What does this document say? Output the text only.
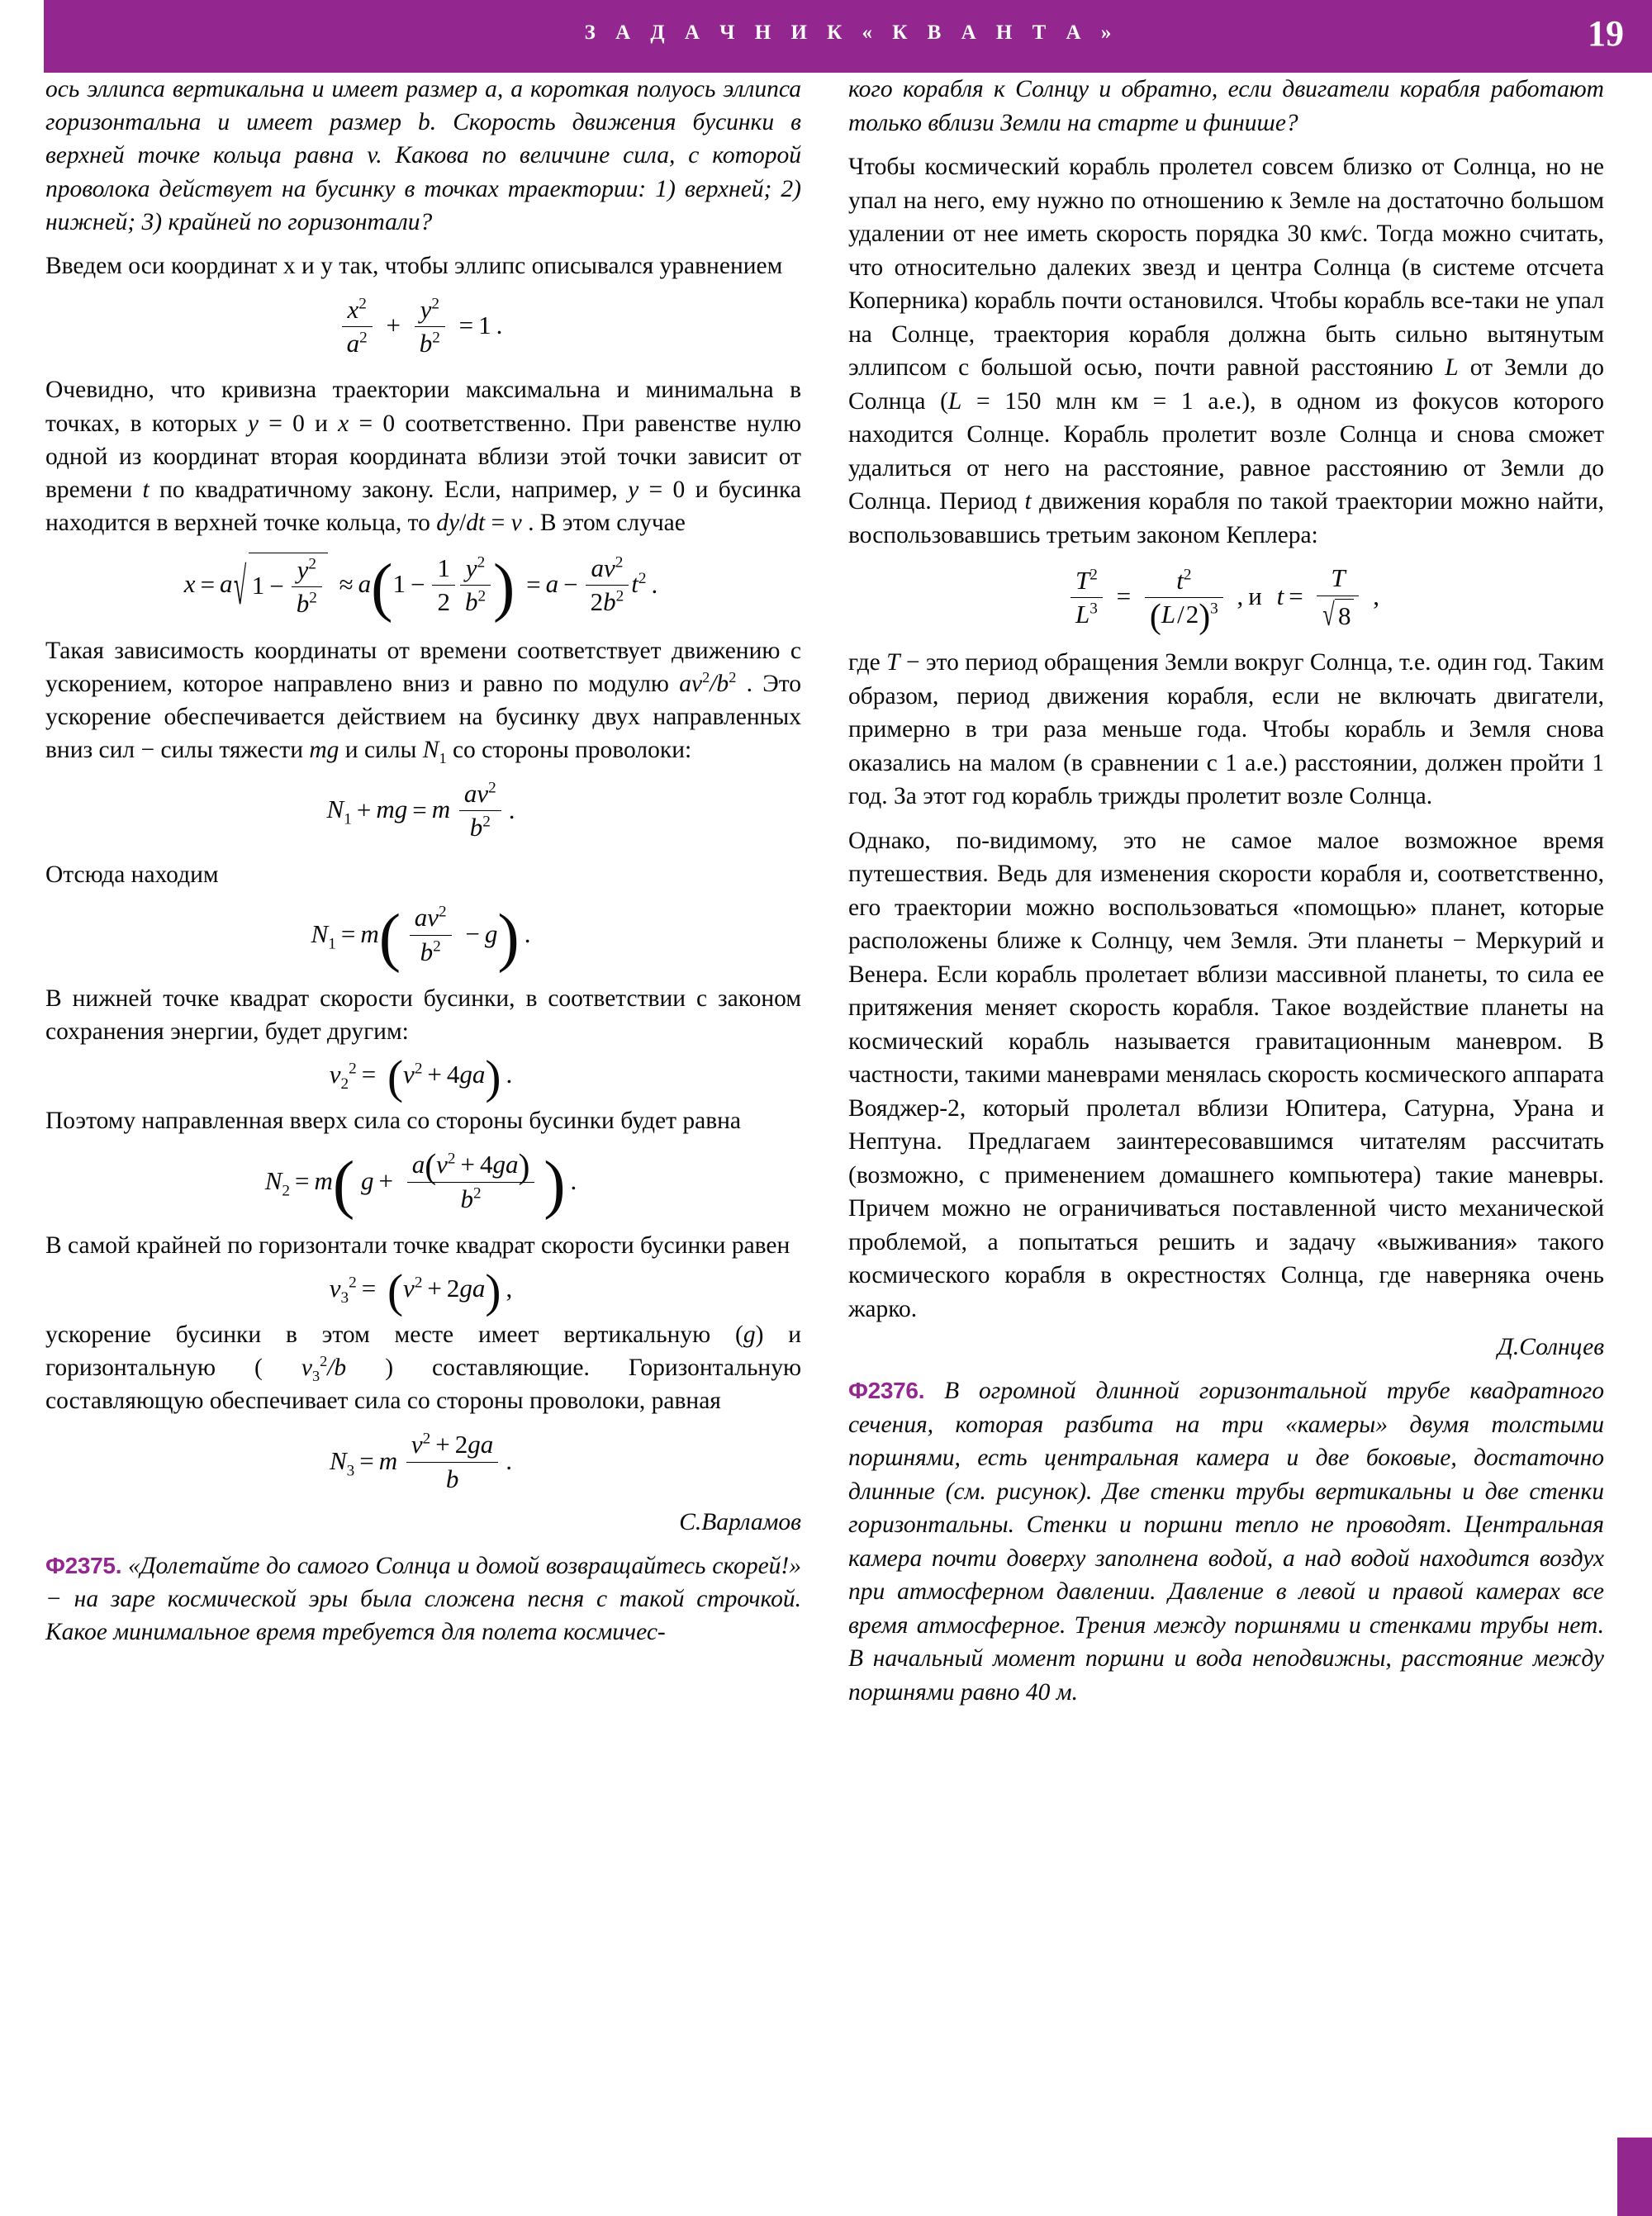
З А Д А Ч Н И К « К В А Н Т А »	19

ось эллипса вертикальна и имеет размер a, а короткая полуось эллипса горизонтальна и имеет размер b. Скорость движения бусинки в верхней точке кольца равна v. Какова по величине сила, с которой проволока действует на бусинку в точках траектории: 1) верхней; 2) нижней; 3) крайней по горизонтали?

Введем оси координат x и y так, чтобы эллипс описывался уравнением

$\frac{x^2}{a^2} + \frac{y^2}{b^2} = 1$ .

Очевидно, что кривизна траектории максимальна и минимальна в точках, в которых y = 0 и x = 0 соответственно. При равенстве нулю одной из координат вторая координата вблизи этой точки зависит от времени t по квадратичному закону. Если, например, y = 0 и бусинка находится в верхней точке кольца, то dy/dt = v . В этом случае

x = a √ $1 - \frac{y^2}{b^2} \approx a(1 - \frac{1}{2} \frac{y^2}{b^2}$ ) = $a - \frac{av^2}{2b^2} t^2$ .

Такая зависимость координаты от времени соответствует движению с ускорением, которое направлено вниз и равно по модулю $av^2/b^2$ . Это ускорение обеспечивается действием на бусинку двух направленных вниз сил − силы тяжести mg и силы $N_1$ со стороны проволоки:

$N_1$ + mg = m $\frac{av^2}{b^2}$ .

Отсюда находим

$N_1 = m( \frac{av^2}{b^2} - g)$ .

В нижней точке квадрат скорости бусинки, в соответствии с законом сохранения энергии, будет другим:

$v_2^2 = (v^2 + 4ga)$ .

Поэтому направленная вверх сила со стороны бусинки будет равна

$N_2 = m$( $g + \frac{a(v^2 + 4ga)}{b^2}$ ) .

В самой крайней по горизонтали точке квадрат скорости бусинки равен

$v_3^2 = (v^2 + 2ga)$ ,

ускорение бусинки в этом месте имеет вертикальную (g) и горизонтальную ( $v_3^2/b$ ) составляющие. Горизонтальную составляющую обеспечивает сила со стороны проволоки, равная

$N_3 = m \frac{v^2 + 2ga}{b}$ .
С.Варламов

Ф2375. «Долетайте до самого Солнца и домой возвращайтесь скорей!» − на заре космической эры была сложена песня с такой строчкой. Какое минимальное время требуется для полета космичес-

кого корабля к Солнцу и обратно, если двигатели корабля работают только вблизи Земли на старте и финише?

Чтобы космический корабль пролетел совсем близко от Солнца, но не упал на него, ему нужно по отношению к Земле на достаточно большом удалении от нее иметь скорость порядка 30 км∕с. Тогда можно считать, что относительно далеких звезд и центра Солнца (в системе отсчета Коперника) корабль почти остановился. Чтобы корабль все-таки не упал на Солнце, траектория корабля должна быть сильно вытянутым эллипсом с большой осью, почти равной расстоянию L от Земли до Солнца (L = 150 млн км = 1 а.е.), в одном из фокусов которого находится Солнце. Корабль пролетит возле Солнца и снова сможет удалиться от него на расстояние, равное расстоянию от Земли до Солнца. Период t движения корабля по такой траектории можно найти, воспользовавшись третьим законом Кеплера:

$\frac{T^2}{L^3} = \frac{t^2}{(L/2)^3}$ , и t = T
√ 8 ,

где T − это период обращения Земли вокруг Солнца, т.е. один год. Таким образом, период движения корабля, если не включать двигатели, примерно в три раза меньше года. Чтобы корабль и Земля снова оказались на малом (в сравнении с 1 а.е.) расстоянии, должен пройти 1 год. За этот год корабль трижды пролетит возле Солнца.

Однако, по-видимому, это не самое малое возможное время путешествия. Ведь для изменения скорости корабля и, соответственно, его траектории можно воспользоваться «помощью» планет, которые расположены ближе к Солнцу, чем Земля. Эти планеты − Меркурий и Венера. Если корабль пролетает вблизи массивной планеты, то сила ее притяжения меняет скорость корабля. Такое воздействие планеты на космический корабль называется гравитационным маневром. В частности, такими маневрами менялась скорость космического аппарата Вояджер-2, который пролетал вблизи Юпитера, Сатурна, Урана и Нептуна. Предлагаем заинтересовавшимся читателям рассчитать (возможно, с применением домашнего компьютера) такие маневры. Причем можно не ограничиваться поставленной чисто механической проблемой, а попытаться решить и задачу «выживания» такого космического корабля в окрестностях Солнца, где наверняка очень жарко.

Д.Солнцев

Ф2376. В огромной длинной горизонтальной трубе квадратного сечения, которая разбита на три «камеры» двумя толстыми поршнями, есть центральная камера и две боковые, достаточно длинные (см. рисунок). Две стенки трубы вертикальны и две стенки горизонтальны. Стенки и поршни тепло не проводят. Центральная камера почти доверху заполнена водой, а над водой находится воздух при атмосферном давлении. Давление в левой и правой камерах все время атмосферное. Трения между поршнями и стенками трубы нет. В начальный момент поршни и вода неподвижны, расстояние между поршнями равно 40 м.
